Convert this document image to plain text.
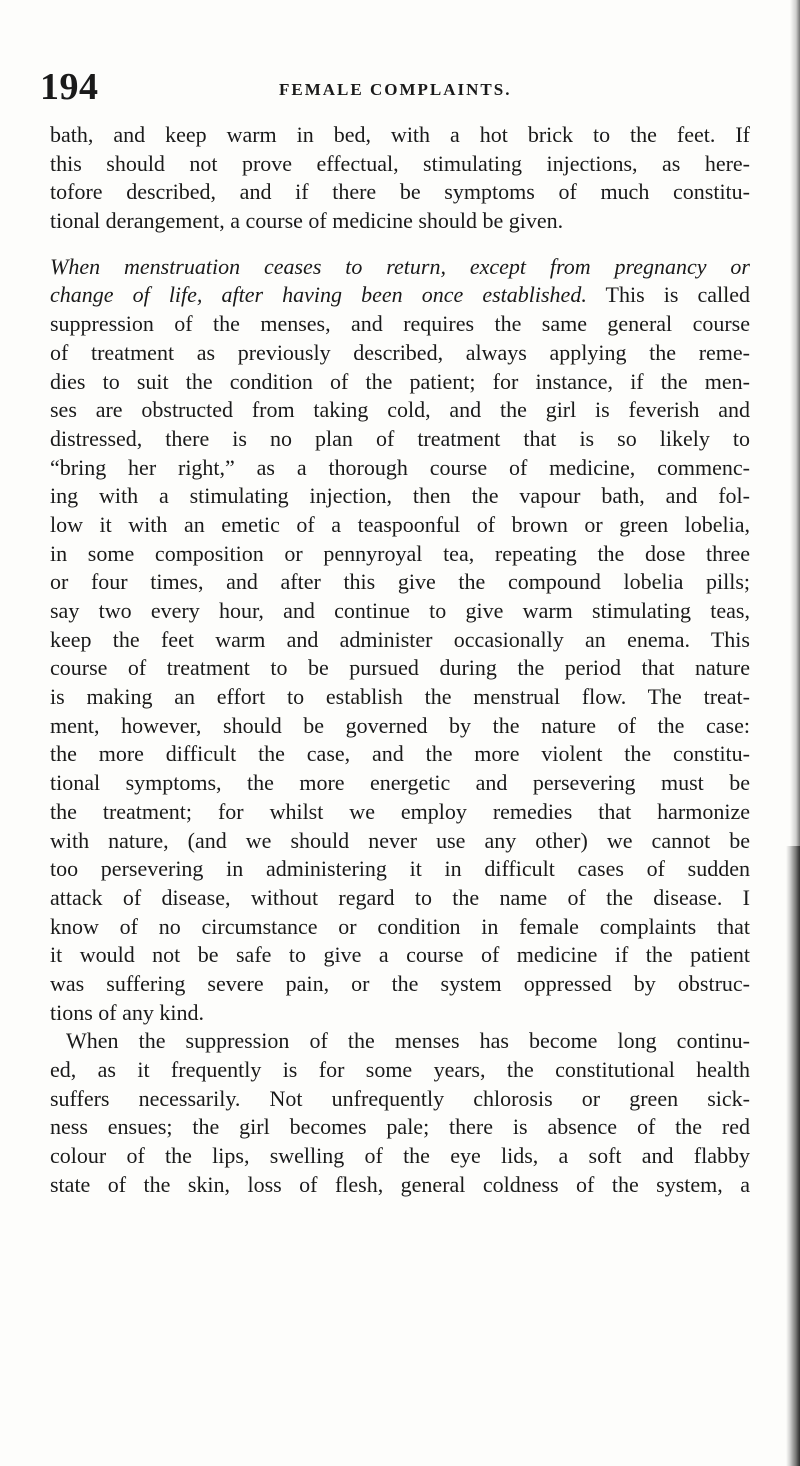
194	FEMALE COMPLAINTS.
bath, and keep warm in bed, with a hot brick to the feet. If
this should not prove effectual, stimulating injections, as here-
tofore described, and if there be symptoms of much constitu-
tional derangement, a course of medicine should be given.
When menstruation ceases to return, except from pregnancy or
change of life, after having been once established. This is called
suppression of the menses, and requires the same general course
of treatment as previously described, always applying the reme-
dies to suit the condition of the patient; for instance, if the men-
ses are obstructed from taking cold, and the girl is feverish and
distressed, there is no plan of treatment that is so likely to
“bring her right,” as a thorough course of medicine, commenc-
ing with a stimulating injection, then the vapour bath, and fol-
low it with an emetic of a teaspoonful of brown or green lobelia,
in some composition or pennyroyal tea, repeating the dose three
or four times, and after this give the compound lobelia pills;
say two every hour, and continue to give warm stimulating teas,
keep the feet warm and administer occasionally an enema. This
course of treatment to be pursued during the period that nature
is making an effort to establish the menstrual flow. The treat-
ment, however, should be governed by the nature of the case:
the more difficult the case, and the more violent the constitu-
tional symptoms, the more energetic and persevering must be
the treatment; for whilst we employ remedies that harmonize
with nature, (and we should never use any other) we cannot be
too persevering in administering it in difficult cases of sudden
attack of disease, without regard to the name of the disease. I
know of no circumstance or condition in female complaints that
it would not be safe to give a course of medicine if the patient
was suffering severe pain, or the system oppressed by obstruc-
tions of any kind.
When the suppression of the menses has become long continu-
ed, as it frequently is for some years, the constitutional health
suffers necessarily. Not unfrequently chlorosis or green sick-
ness ensues; the girl becomes pale; there is absence of the red
colour of the lips, swelling of the eye lids, a soft and flabby
state of the skin, loss of flesh, general coldness of the system, a
